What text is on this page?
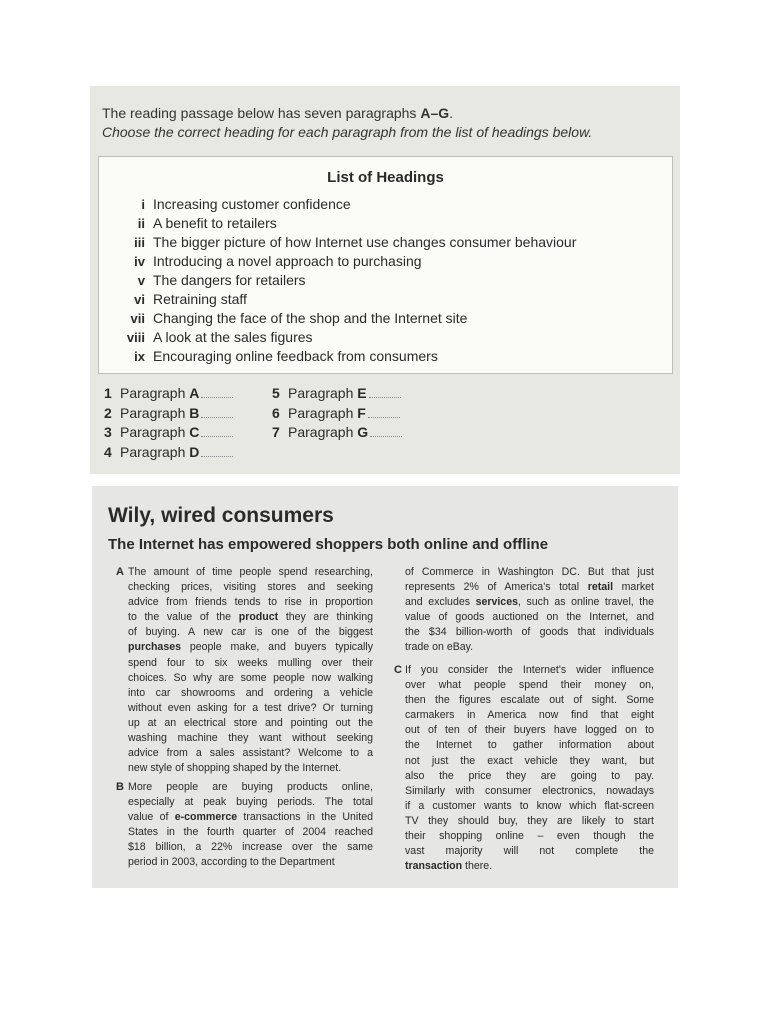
The reading passage below has seven paragraphs A–G.
Choose the correct heading for each paragraph from the list of headings below.
List of Headings
i Increasing customer confidence
ii A benefit to retailers
iii The bigger picture of how Internet use changes consumer behaviour
iv Introducing a novel approach to purchasing
v The dangers for retailers
vi Retraining staff
vii Changing the face of the shop and the Internet site
viii A look at the sales figures
ix Encouraging online feedback from consumers
1 Paragraph A
2 Paragraph B
3 Paragraph C
4 Paragraph D
5 Paragraph E
6 Paragraph F
7 Paragraph G
Wily, wired consumers
The Internet has empowered shoppers both online and offline
A The amount of time people spend researching,
checking prices, visiting stores and seeking
advice from friends tends to rise in proportion
to the value of the product they are thinking
of buying. A new car is one of the biggest
purchases people make, and buyers typically
spend four to six weeks mulling over their
choices. So why are some people now walking
into car showrooms and ordering a vehicle
without even asking for a test drive? Or turning
up at an electrical store and pointing out the
washing machine they want without seeking
advice from a sales assistant? Welcome to a
new style of shopping shaped by the Internet.
B More people are buying products online,
especially at peak buying periods. The total
value of e-commerce transactions in the United
States in the fourth quarter of 2004 reached
$18 billion, a 22% increase over the same
period in 2003, according to the Department
of Commerce in Washington DC. But that just
represents 2% of America's total retail market
and excludes services, such as online travel, the
value of goods auctioned on the Internet, and
the $34 billion-worth of goods that individuals
trade on eBay.
C If you consider the Internet's wider influence
over what people spend their money on,
then the figures escalate out of sight. Some
carmakers in America now find that eight
out of ten of their buyers have logged on to
the Internet to gather information about
not just the exact vehicle they want, but
also the price they are going to pay.
Similarly with consumer electronics, nowadays
if a customer wants to know which flat-screen
TV they should buy, they are likely to start
their shopping online – even though the
vast majority will not complete the
transaction there.
